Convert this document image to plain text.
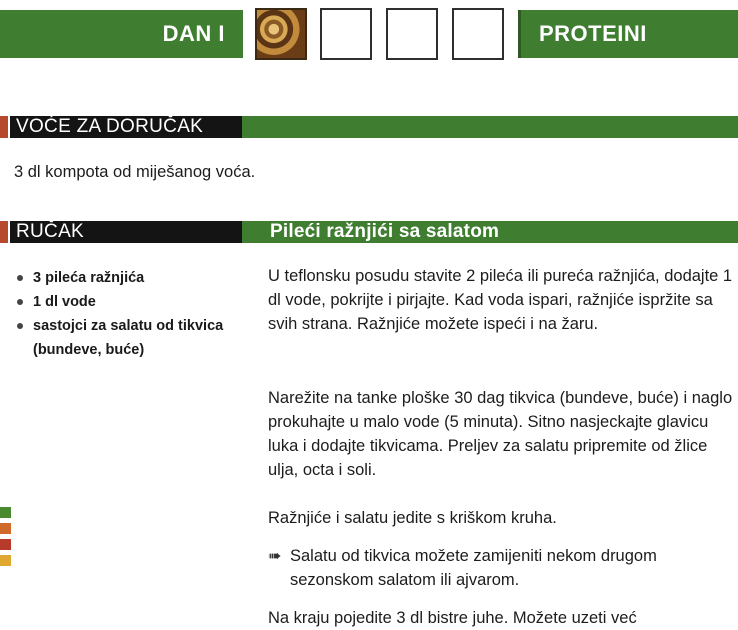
DAN I	PROTEINI
VOĆE ZA DORUČAK
3 dl kompota od miješanog voća.
RUČAK	Pileći ražnjići sa salatom
3 pileća ražnjića
1 dl vode
sastojci za salatu od tikvica (bundeve, buće)

U teflonsku posudu stavite 2 pileća ili pureća ražnjića, dodajte 1 dl vode, pokrijte i pirjajte. Kad voda ispari, ražnjiće ispržite sa svih strana. Ražnjiće možete ispeći i na žaru.

Narežite na tanke ploške 30 dag tikvica (bundeve, buće) i naglo prokuhajte u malo vode (5 minuta). Sitno nasjeckajte glavicu luka i dodajte tikvicama. Preljev za salatu pripremite od žlice ulja, octa i soli.

Ražnjiće i salatu jedite s kriškom kruha.

➠ Salatu od tikvica možete zamijeniti nekom drugom sezonskom salatom ili ajvarom.

Na kraju pojedite 3 dl bistre juhe. Možete uzeti već
